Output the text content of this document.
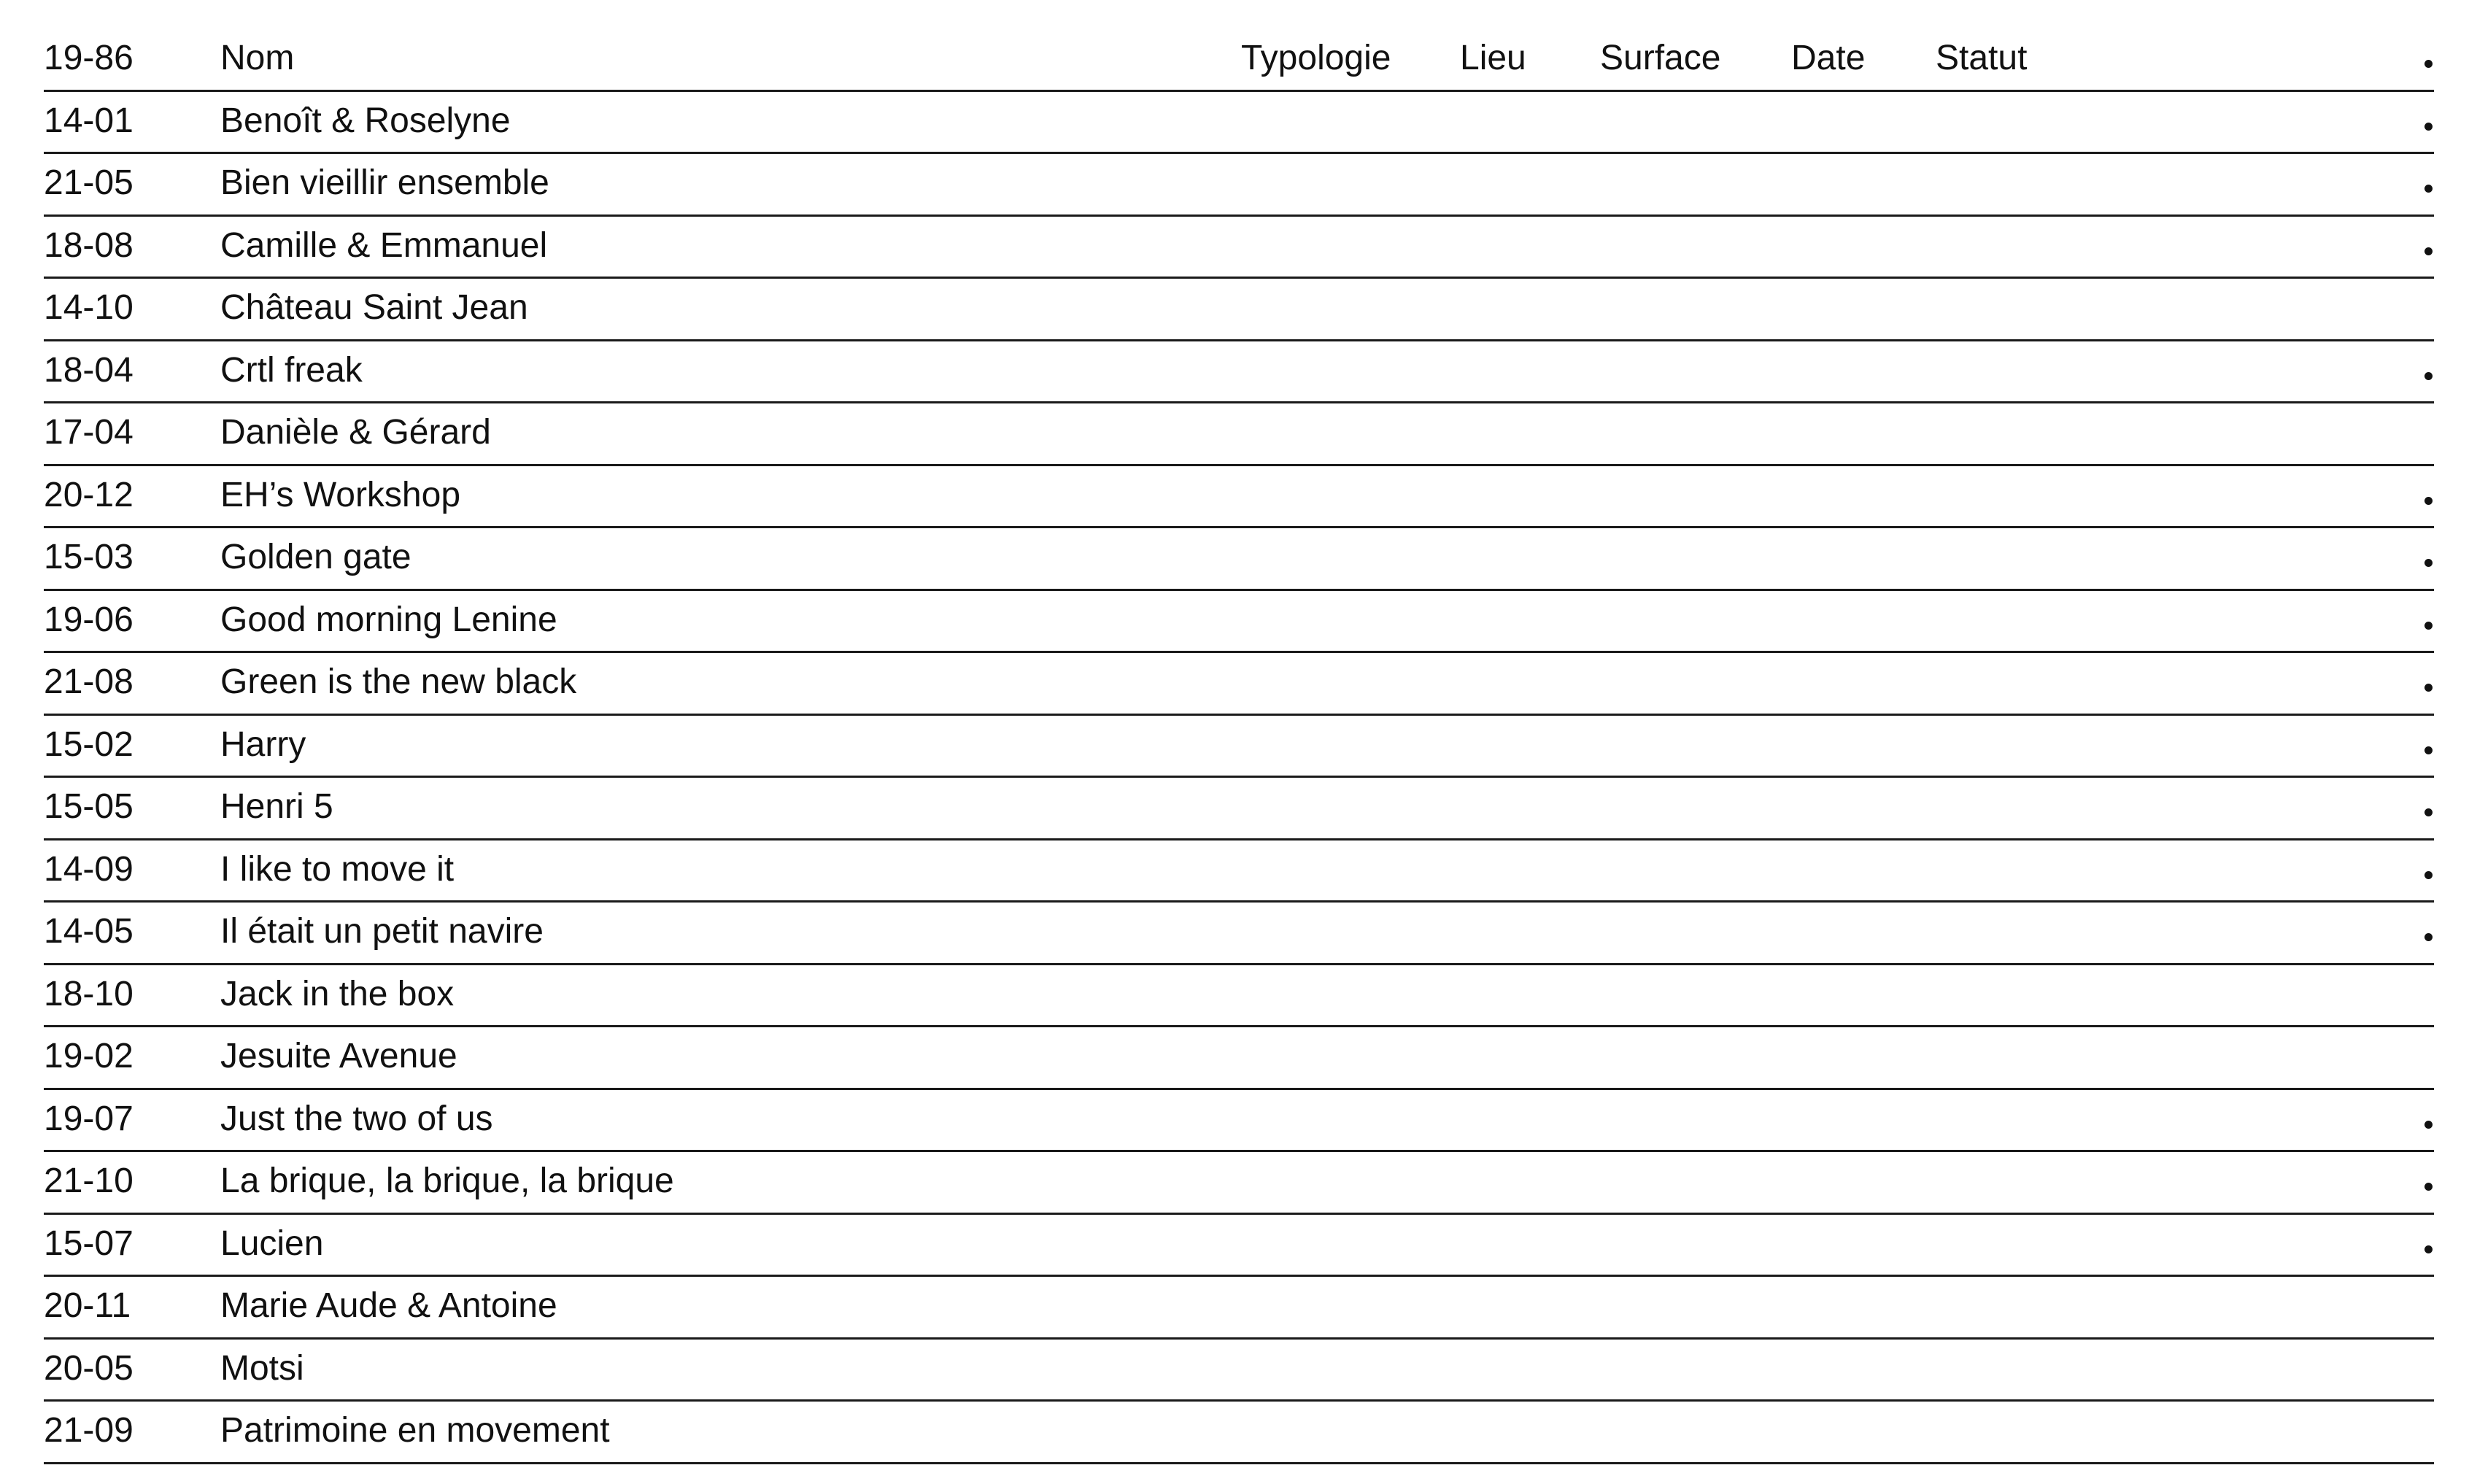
19-86 Nom	Typologie Lieu Surface Date Statut
14-01 Benoît & Roselyne
21-05 Bien vieillir ensemble
18-08 Camille & Emmanuel
14-10 Château Saint Jean
18-04 Crtl freak
17-04 Danièle & Gérard
20-12 EH’s Workshop
15-03 Golden gate
19-06 Good morning Lenine
21-08 Green is the new black
15-02 Harry
15-05 Henri 5
14-09 I like to move it
14-05 Il était un petit navire
18-10 Jack in the box
19-02 Jesuite Avenue
19-07 Just the two of us
21-10 La brique, la brique, la brique
15-07 Lucien
20-11	Marie Aude & Antoine
20-05 Motsi
21-09 Patrimoine en movement
